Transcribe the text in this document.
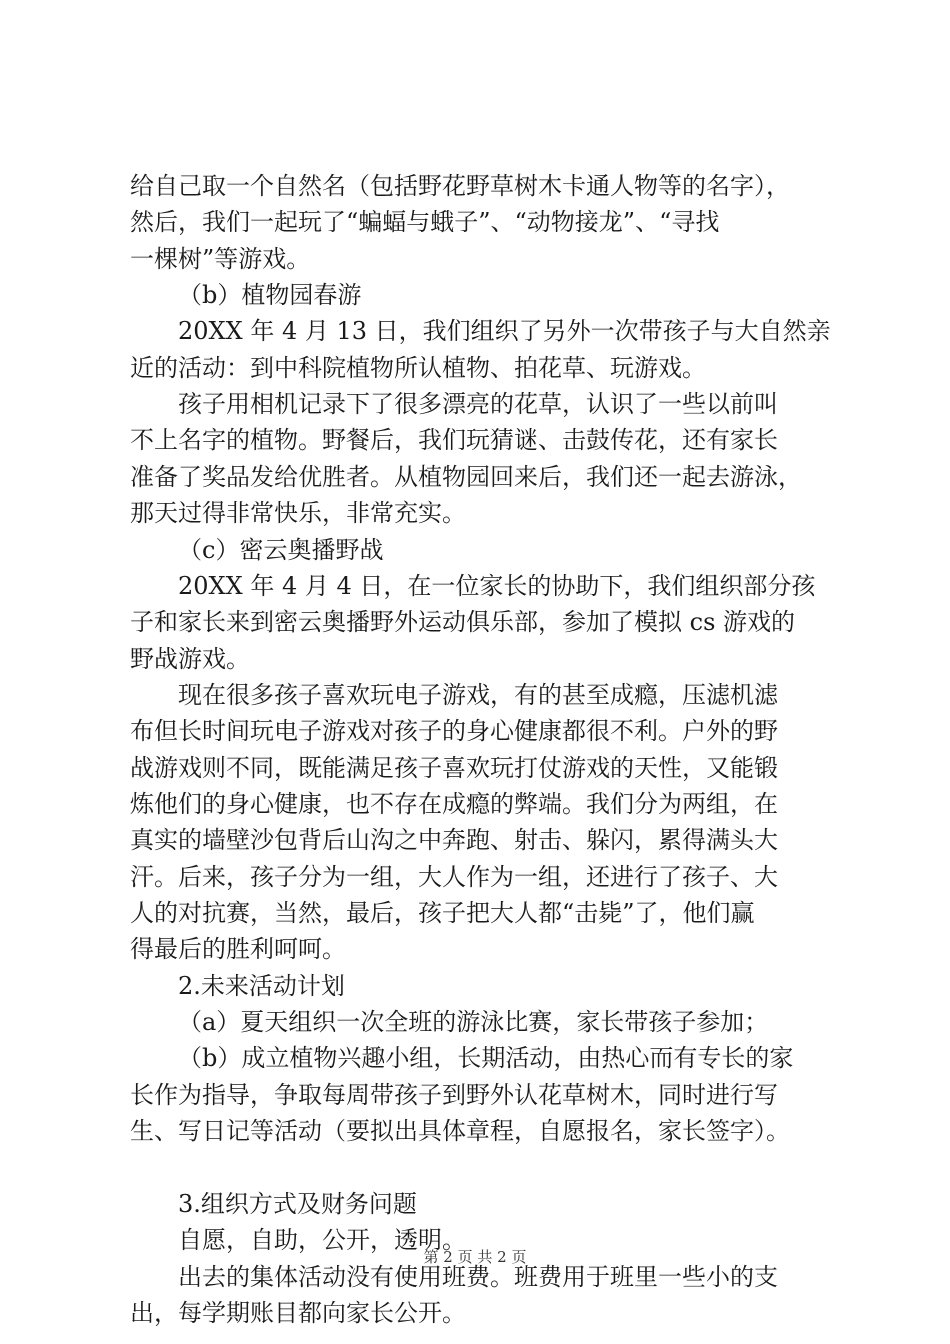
给自己取一个自然名（包括野花野草树木卡通人物等的名字），
然后，我们一起玩了“蝙蝠与蛾子”、“动物接龙”、“寻找
一棵树”等游戏。
（b）植物园春游
20XX 年 4 月 13 日，我们组织了另外一次带孩子与大自然亲
近的活动：到中科院植物所认植物、拍花草、玩游戏。
孩子用相机记录下了很多漂亮的花草，认识了一些以前叫
不上名字的植物。野餐后，我们玩猜谜、击鼓传花，还有家长
准备了奖品发给优胜者。从植物园回来后，我们还一起去游泳，
那天过得非常快乐，非常充实。
（c）密云奥播野战
20XX 年 4 月 4 日，在一位家长的协助下，我们组织部分孩
子和家长来到密云奥播野外运动俱乐部，参加了模拟 cs 游戏的
野战游戏。
现在很多孩子喜欢玩电子游戏，有的甚至成瘾，压滤机滤
布但长时间玩电子游戏对孩子的身心健康都很不利。户外的野
战游戏则不同，既能满足孩子喜欢玩打仗游戏的天性，又能锻
炼他们的身心健康，也不存在成瘾的弊端。我们分为两组，在
真实的墙壁沙包背后山沟之中奔跑、射击、躲闪，累得满头大
汗。后来，孩子分为一组，大人作为一组，还进行了孩子、大
人的对抗赛，当然，最后，孩子把大人都“击毙”了，他们赢
得最后的胜利呵呵。
2.未来活动计划
（a）夏天组织一次全班的游泳比赛，家长带孩子参加；
（b）成立植物兴趣小组，长期活动，由热心而有专长的家
长作为指导，争取每周带孩子到野外认花草树木，同时进行写
生、写日记等活动（要拟出具体章程，自愿报名，家长签字）。
3.组织方式及财务问题
自愿，自助，公开，透明。
出去的集体活动没有使用班费。班费用于班里一些小的支
出，每学期账目都向家长公开。
第 2 页 共 2 页
